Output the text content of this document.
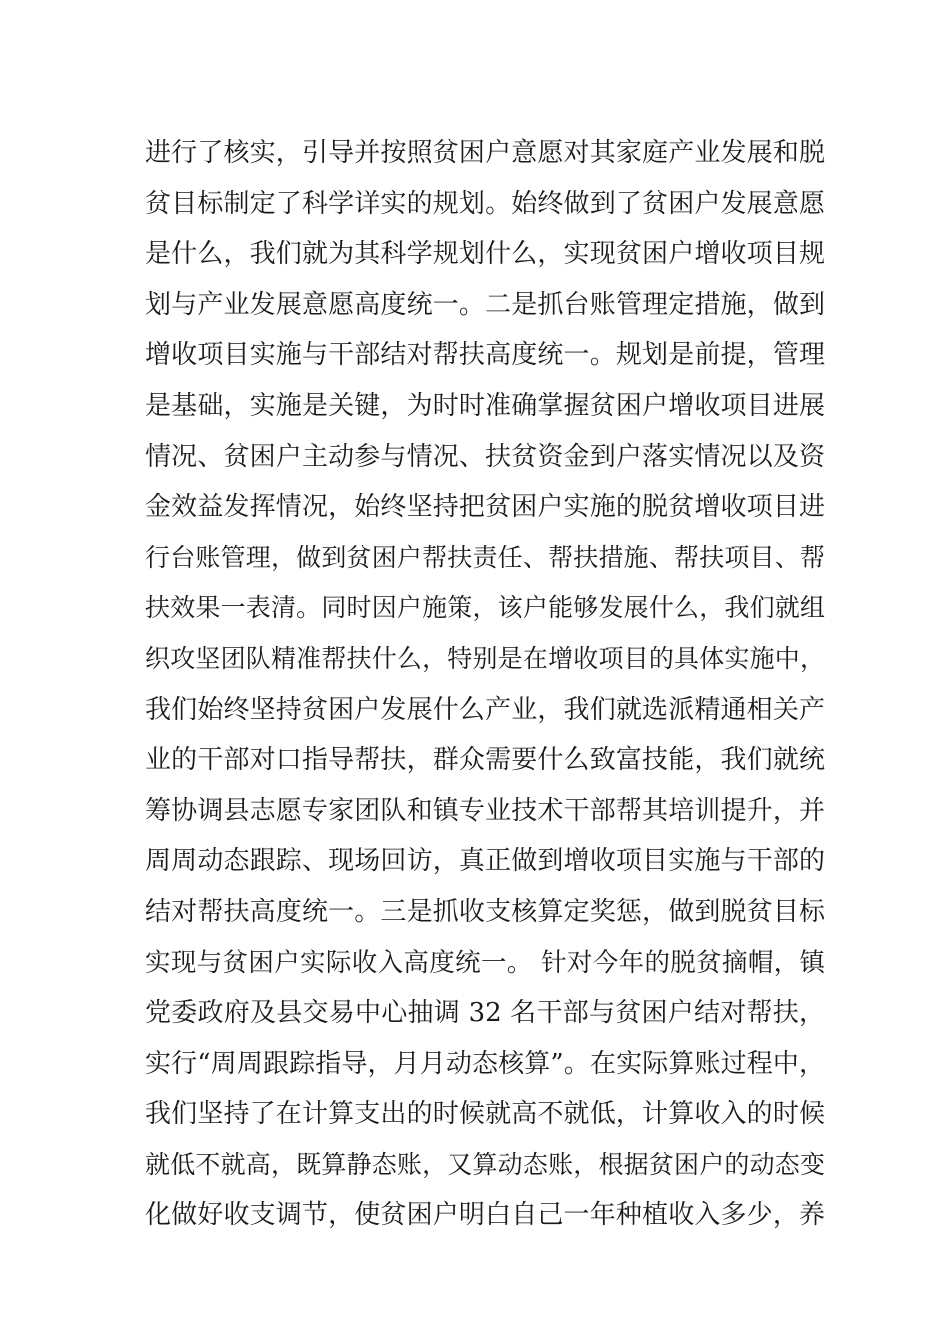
进行了核实，引导并按照贫困户意愿对其家庭产业发展和脱
贫目标制定了科学详实的规划。始终做到了贫困户发展意愿
是什么，我们就为其科学规划什么，实现贫困户增收项目规
划与产业发展意愿高度统一。二是抓台账管理定措施，做到
增收项目实施与干部结对帮扶高度统一。规划是前提，管理
是基础，实施是关键，为时时准确掌握贫困户增收项目进展
情况、贫困户主动参与情况、扶贫资金到户落实情况以及资
金效益发挥情况，始终坚持把贫困户实施的脱贫增收项目进
行台账管理，做到贫困户帮扶责任、帮扶措施、帮扶项目、帮
扶效果一表清。同时因户施策，该户能够发展什么，我们就组
织攻坚团队精准帮扶什么，特别是在增收项目的具体实施中，
我们始终坚持贫困户发展什么产业，我们就选派精通相关产
业的干部对口指导帮扶，群众需要什么致富技能，我们就统
筹协调县志愿专家团队和镇专业技术干部帮其培训提升，并
周周动态跟踪、现场回访，真正做到增收项目实施与干部的
结对帮扶高度统一。三是抓收支核算定奖惩，做到脱贫目标
实现与贫困户实际收入高度统一。 针对今年的脱贫摘帽，镇
党委政府及县交易中心抽调 32 名干部与贫困户结对帮扶，
实行“周周跟踪指导，月月动态核算”。在实际算账过程中，
我们坚持了在计算支出的时候就高不就低，计算收入的时候
就低不就高，既算静态账，又算动态账，根据贫困户的动态变
化做好收支调节，使贫困户明白自己一年种植收入多少，养
